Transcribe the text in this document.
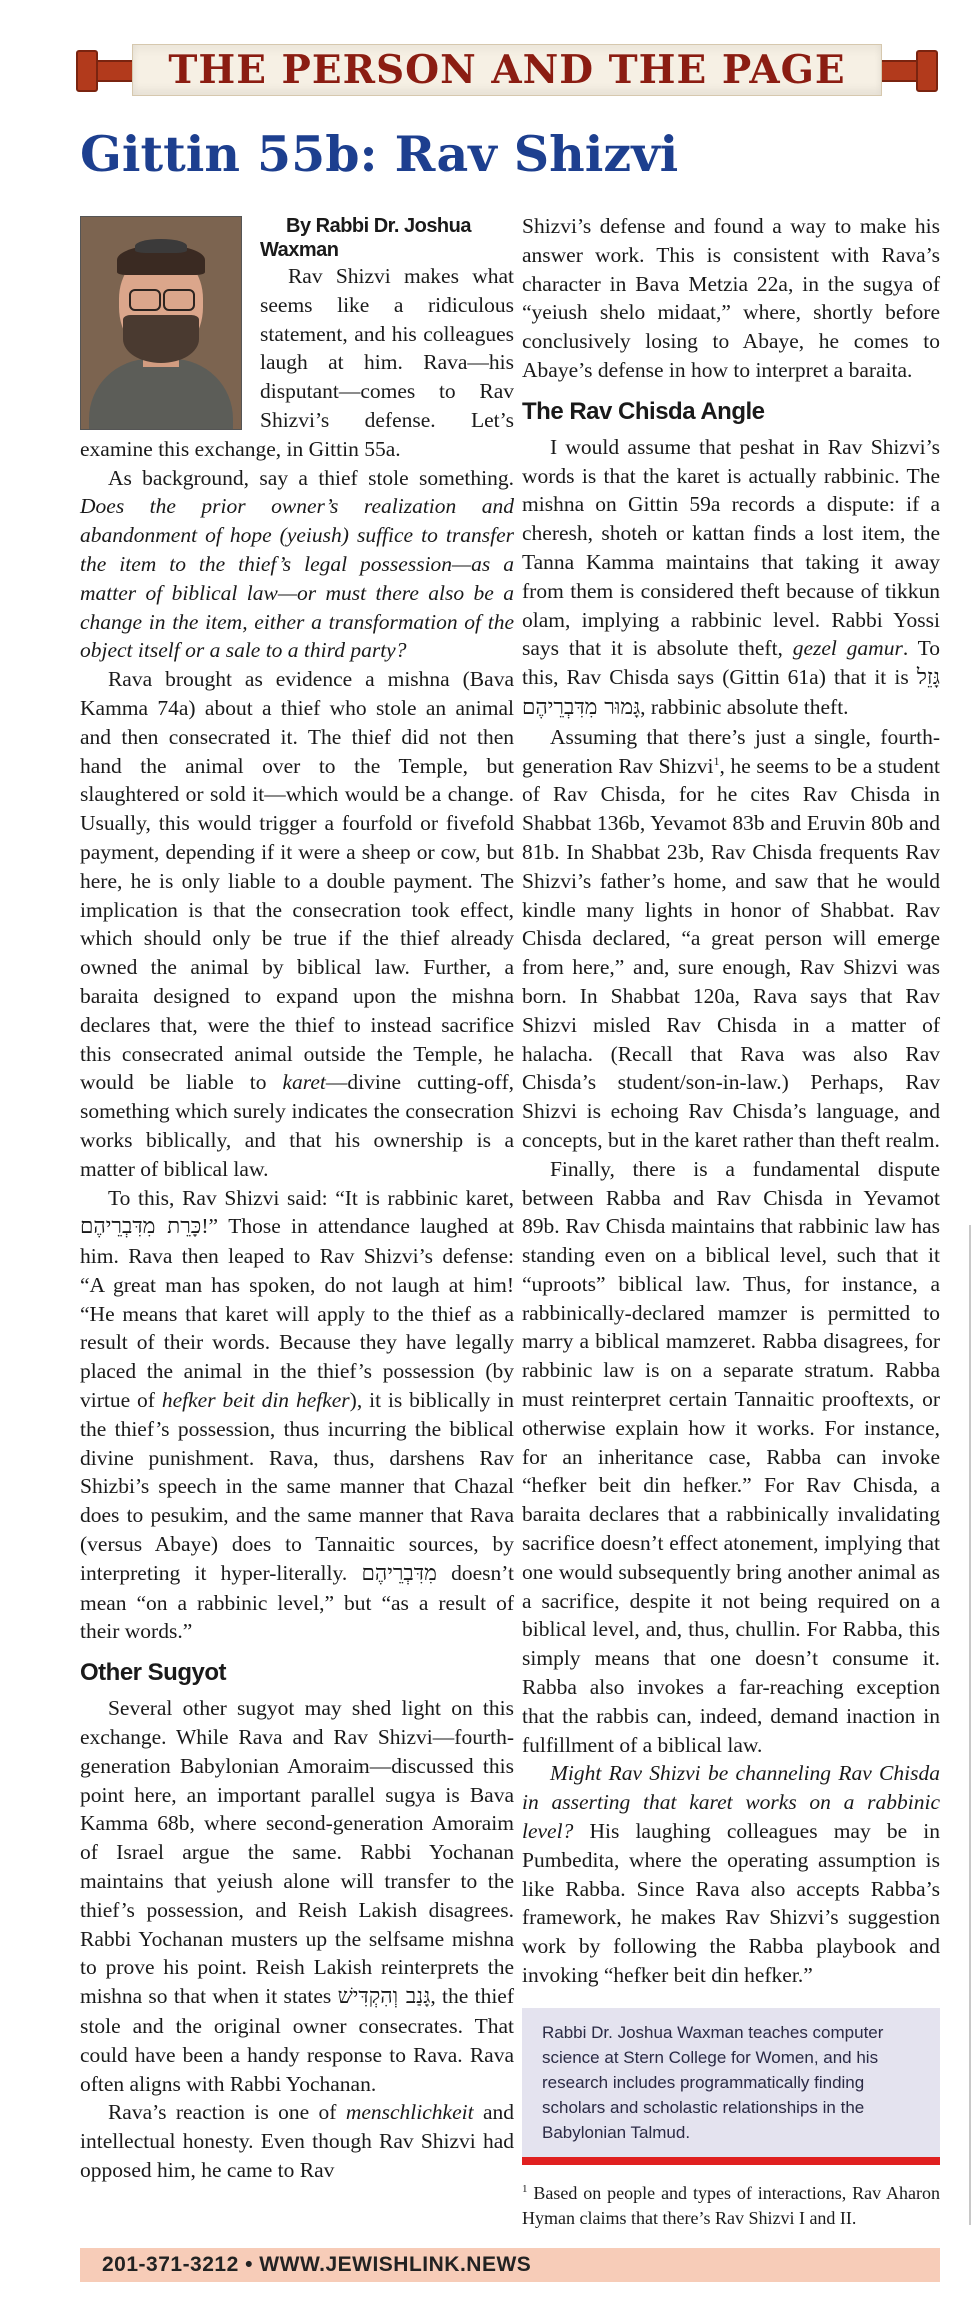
THE PERSON AND THE PAGE
Gittin 55b: Rav Shizvi

By Rabbi Dr. Joshua Waxman

Rav Shizvi makes what seems like a ridiculous statement, and his colleagues laugh at him. Rava—his disputant—comes to Rav Shizvi’s defense. Let’s examine this exchange, in Gittin 55a.

As background, say a thief stole something. Does the prior owner’s realization and abandonment of hope (yeiush) suffice to transfer the item to the thief’s legal possession—as a matter of biblical law—or must there also be a change in the item, either a transformation of the object itself or a sale to a third party?

Rava brought as evidence a mishna (Bava Kamma 74a) about a thief who stole an animal and then consecrated it. The thief did not then hand the animal over to the Temple, but slaughtered or sold it—which would be a change. Usually, this would trigger a fourfold or fivefold payment, depending if it were a sheep or cow, but here, he is only liable to a double payment. The implication is that the consecration took effect, which should only be true if the thief already owned the animal by biblical law. Further, a baraita designed to expand upon the mishna declares that, were the thief to instead sacrifice this consecrated animal outside the Temple, he would be liable to karet—divine cutting-off, something which surely indicates the consecration works biblically, and that his ownership is a matter of biblical law.

To this, Rav Shizvi said: “It is rabbinic karet, כָּרֵת מִדִּבְרֵיהֶם!” Those in attendance laughed at him. Rava then leaped to Rav Shizvi’s defense: “A great man has spoken, do not laugh at him! “He means that karet will apply to the thief as a result of their words. Because they have legally placed the animal in the thief’s possession (by virtue of hefker beit din hefker), it is biblically in the thief’s possession, thus incurring the biblical divine punishment. Rava, thus, darshens Rav Shizbi’s speech in the same manner that Chazal does to pesukim, and the same manner that Rava (versus Abaye) does to Tannaitic sources, by interpreting it hyper-literally. מִדִּבְרֵיהֶם doesn’t mean “on a rabbinic level,” but “as a result of their words.”

Other Sugyot

Several other sugyot may shed light on this exchange. While Rava and Rav Shizvi—fourth-generation Babylonian Amoraim—discussed this point here, an important parallel sugya is Bava Kamma 68b, where second-generation Amoraim of Israel argue the same. Rabbi Yochanan maintains that yeiush alone will transfer to the thief’s possession, and Reish Lakish disagrees. Rabbi Yochanan musters up the selfsame mishna to prove his point. Reish Lakish reinterprets the mishna so that when it states גָּנַב וְהִקְדִּישׁ, the thief stole and the original owner consecrates. That could have been a handy response to Rava. Rava often aligns with Rabbi Yochanan.

Rava’s reaction is one of menschlichkeit and intellectual honesty. Even though Rav Shizvi had opposed him, he came to Rav

Shizvi’s defense and found a way to make his answer work. This is consistent with Rava’s character in Bava Metzia 22a, in the sugya of “yeiush shelo midaat,” where, shortly before conclusively losing to Abaye, he comes to Abaye’s defense in how to interpret a baraita.

The Rav Chisda Angle

I would assume that peshat in Rav Shizvi’s words is that the karet is actually rabbinic. The mishna on Gittin 59a records a dispute: if a cheresh, shoteh or kattan finds a lost item, the Tanna Kamma maintains that taking it away from them is considered theft because of tikkun olam, implying a rabbinic level. Rabbi Yossi says that it is absolute theft, gezel gamur. To this, Rav Chisda says (Gittin 61a) that it is גָּזֵל גָּמוּר מִדִּבְרֵיהֶם, rabbinic absolute theft.

Assuming that there’s just a single, fourth-generation Rav Shizvi$^1$, he seems to be a student of Rav Chisda, for he cites Rav Chisda in Shabbat 136b, Yevamot 83b and Eruvin 80b and 81b. In Shabbat 23b, Rav Chisda frequents Rav Shizvi’s father’s home, and saw that he would kindle many lights in honor of Shabbat. Rav Chisda declared, “a great person will emerge from here,” and, sure enough, Rav Shizvi was born. In Shabbat 120a, Rava says that Rav Shizvi misled Rav Chisda in a matter of halacha. (Recall that Rava was also Rav Chisda’s student/son-in-law.) Perhaps, Rav Shizvi is echoing Rav Chisda’s language, and concepts, but in the karet rather than theft realm.

Finally, there is a fundamental dispute between Rabba and Rav Chisda in Yevamot 89b. Rav Chisda maintains that rabbinic law has standing even on a biblical level, such that it “uproots” biblical law. Thus, for instance, a rabbinically-declared mamzer is permitted to marry a biblical mamzeret. Rabba disagrees, for rabbinic law is on a separate stratum. Rabba must reinterpret certain Tannaitic prooftexts, or otherwise explain how it works. For instance, for an inheritance case, Rabba can invoke “hefker beit din hefker.” For Rav Chisda, a baraita declares that a rabbinically invalidating sacrifice doesn’t effect atonement, implying that one would subsequently bring another animal as a sacrifice, despite it not being required on a biblical level, and, thus, chullin. For Rabba, this simply means that one doesn’t consume it. Rabba also invokes a far-reaching exception that the rabbis can, indeed, demand inaction in fulfillment of a biblical law.

Might Rav Shizvi be channeling Rav Chisda in asserting that karet works on a rabbinic level? His laughing colleagues may be in Pumbedita, where the operating assumption is like Rabba. Since Rava also accepts Rabba’s framework, he makes Rav Shizvi’s suggestion work by following the Rabba playbook and invoking “hefker beit din hefker.”

Rabbi Dr. Joshua Waxman teaches computer science at Stern College for Women, and his research includes programmatically finding scholars and scholastic relationships in the Babylonian Talmud.
$^1$ Based on people and types of interactions, Rav Aharon Hyman claims that there’s Rav Shizvi I and II.
201-371-3212 • WWW.JEWISHLINK.NEWS
